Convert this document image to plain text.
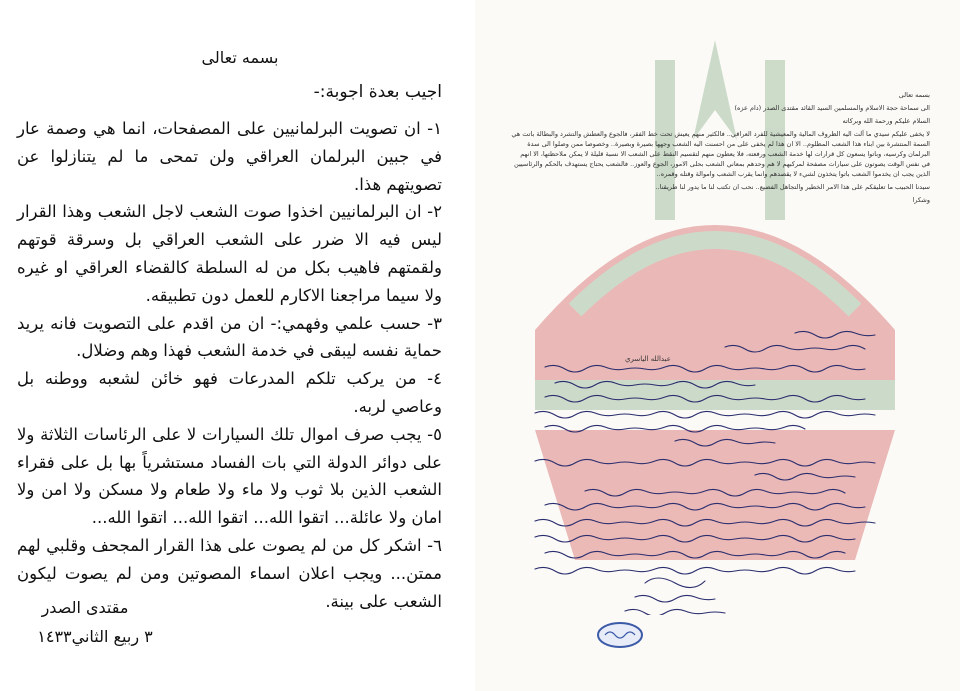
بسمه تعالى
اجيب بعدة اجوبة:-
١- ان تصويت البرلمانيين على المصفحات، انما هي وصمة عار في جبين البرلمان العراقي ولن تمحى ما لم يتنازلوا عن تصويتهم هذا.
٢- ان البرلمانيين اخذوا صوت الشعب لاجل الشعب وهذا القرار ليس فيه الا ضرر على الشعب العراقي بل وسرقة قوتهم ولقمتهم فاهيب بكل من له السلطة كالقضاء العراقي او غيره ولا سيما مراجعنا الاكارم للعمل دون تطبيقه.
٣- حسب علمي وفهمي:- ان من اقدم على التصويت فانه يريد حماية نفسه ليبقى في خدمة الشعب فهذا وهم وضلال.
٤- من يركب تلكم المدرعات فهو خائن لشعبه ووطنه بل وعاصي لربه.
٥- يجب صرف اموال تلك السيارات لا على الرئاسات الثلاثة ولا على دوائر الدولة التي بات الفساد مستشرياً بها بل على فقراء الشعب الذين بلا ثوب ولا ماء ولا طعام ولا مسكن ولا امن ولا امان ولا عائلة... اتقوا الله... اتقوا الله... اتقوا الله...
٦- اشكر كل من لم يصوت على هذا القرار المجحف وقلبي لهم ممتن... ويجب اعلان اسماء المصوتين ومن لم يصوت ليكون الشعب على بينة.
مقتدى الصدر
٣ ربيع الثاني١٤٣٣

بسمه تعالى

الى سماحة حجة الاسلام والمسلمين السيد القائد مقتدى الصدر (دام عزه)

السلام عليكم ورحمة الله وبركاته

لا يخفى عليكم سيدي ما آلت اليه الظروف المالية والمعيشية للفرد العراقي.. فالكثير منهم يعيش تحت خط الفقر، فالجوع والعطش والتشرد والبطالة باتت هي السمة المنتشرة بين ابناء هذا الشعب المظلوم.. الا ان هذا لم يخفى على من احسنت اليه الشعب وجهها بصيرة وبصيرة.. وخصوصا ممن وصلوا الى سدة البرلمان وكرسيه، وباتوا يسعون كل قرارات لها خدمة الشعب ورفعته، فلا يعطون منهم لتقسيم النقط على الشعب الا نسبة قليلة لا يمكن ملاحظتها، الا انهم في نفس الوقت يصوتون على سيارات مصفحة لمركبهم لا هم وحدهم بمعاني الشعب بحلى الامور، الجوع والعوز.. فالشعب يحتاج يستهدف بالحكم والرئاسيين الذين يجب ان يخدموا الشعب باتوا يتخذون لشيء لا يقصدهم وانما يقرب الشعب واموالة وقتله وقمره..

سيدنا الحبيب ما تعليقكم على هذا الامر الخطير والتجاهل الفضيع.. نحب ان تكتب لنا ما يدور لنا طريقنا..

وشكرا

عبدالله الياسري
